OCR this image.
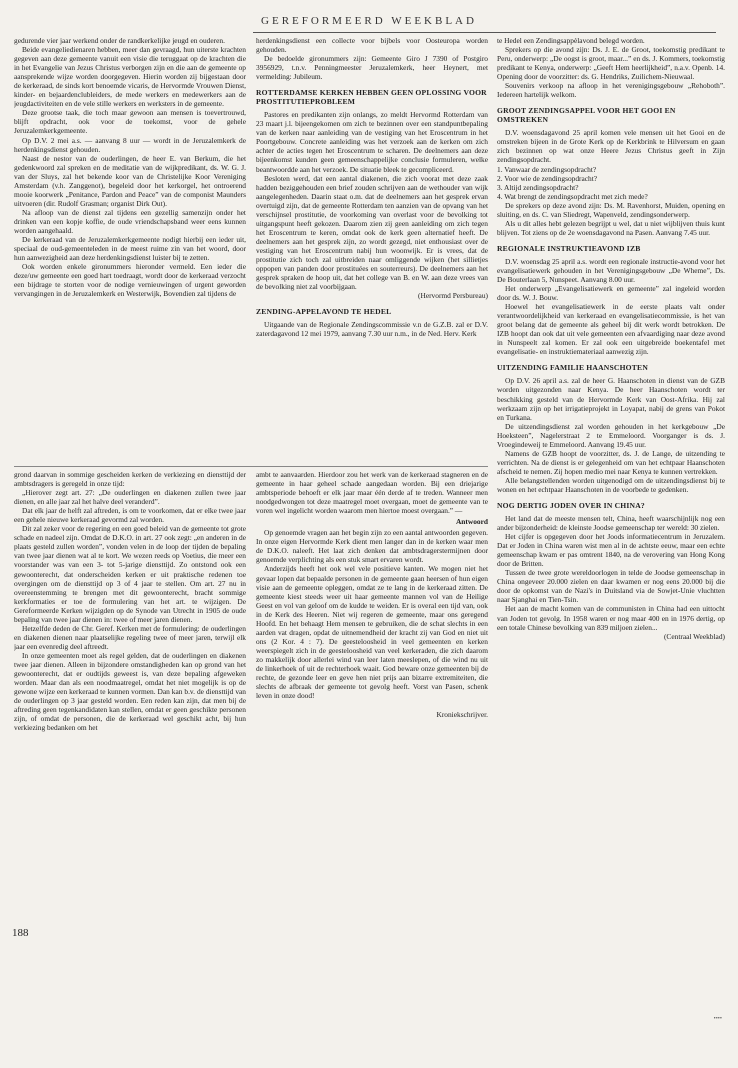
GEREFORMEERD WEEKBLAD

gedurende vier jaar werkend onder de randkerkelijke jeugd en ouderen.

Beide evangeliedienaren hebben, meer dan gevraagd, hun uiterste krachten gegeven aan deze gemeente vanuit een visie die teruggaat op de krachten die in het Evangelie van Jezus Christus verborgen zijn en die aan de gemeente op aansprekende wijze worden doorgegeven. Hierin worden zij bijgestaan door de kerkeraad, de sinds kort benoemde vicaris, de Hervormde Vrouwen Dienst, kinder- en bejaardenclubleiders, de mede werkers en medewerkers aan de jeugdactiviteiten en de vele stille werkers en werksters in de gemeente.

Deze grootse taak, die toch maar gewoon aan mensen is toevertrouwd, blijft opdracht, ook voor de toekomst, voor de gehele Jeruzalemkerkgemeente.

Op D.V. 2 mei a.s. — aanvang 8 uur — wordt in de Jeruzalemkerk de herdenkingsdienst gehouden.

Naast de nestor van de ouderlingen, de heer E. van Berkum, die het gedenkwoord zal spreken en de meditatie van de wijkpredikant, ds. W. G. J. van der Sluys, zal het bekende koor van de Christelijke Koor Vereniging Amsterdam (v.h. Zanggenot), begeleid door het kerkorgel, het ontroerend mooie koorwerk „Penitance, Pardon and Peace” van de componist Maunders uitvoeren (dir. Rudolf Grasman; organist Dirk Out).

Na afloop van de dienst zal tijdens een gezellig samenzijn onder het drinken van een kopje koffie, de oude vriendschapsband weer eens kunnen worden aangehaald.

De kerkeraad van de Jeruzalemkerkgemeente nodigt hierbij een ieder uit, speciaal de oud-gemeenteleden in de meest ruime zin van het woord, door hun aanwezigheid aan deze herdenkingsdienst luister bij te zetten.

Ook worden enkele gironummers hieronder vermeld. Een ieder die deze/uw gemeente een goed hart toedraagt, wordt door de kerkeraad verzocht een bijdrage te storten voor de nodige vernieuwingen of urgent geworden vervangingen in de Jeruzalemkerk en Westerwijk, Bovendien zal tijdens de

herdenkingsdienst een collecte voor bijbels voor Oosteuropa worden gehouden.

De bedoelde gironummers zijn: Gemeente Giro J 7390 of Postgiro 3956929, t.n.v. Penningmeester Jeruzalemkerk, heer Heynert, met vermelding: Jubileum.

ROTTERDAMSE KERKEN HEBBEN GEEN OPLOSSING VOOR PROSTITUTIEPROBLEEM

Pastores en predikanten zijn onlangs, zo meldt Hervormd Rotterdam van 23 maart j.l. bijeengekomen om zich te bezinnen over een standpuntbepaling van de kerken naar aanleiding van de vestiging van het Eroscentrum in het Poortgebouw. Concrete aanleiding was het verzoek aan de kerken om zich achter de acties tegen het Eroscentrum te scharen. De deelnemers aan deze bijeenkomst kunden geen gemeenschappelijke conclusie formuleren, welke beantwoordde aan het verzoek. De situatie bleek te gecompliceerd.

Besloten werd, dat een aantal diakenen, die zich voorat met deze zaak hadden beziggehouden een brief zouden schrijven aan de wethouder van wijk aangelegenheden. Daarin staat o.m. dat de deelnemers aan het gesprek ervan overtuigd zijn, dat de gemeente Rotterdam ten aanzien van de opvang van het verschijnsel prostitutie, de voorkoming van overlast voor de bevolking tot uitgangspunt heeft gekozen. Daarom zien zij geen aanleiding om zich tegen het Eroscentrum te keren, omdat ook de kerk geen alternatief heeft. De deelnemers aan het gesprek zijn, zo wordt gezegd, niet enthousiast over de vestiging van het Eroscentrum nabij hun woonwijk. Er is vrees, dat de prostitutie zich toch zal uitbreiden naar omliggende wijken (het sillietjes oppopen van panden door prostituées en souterreurs). De deelnemers aan het gesprek spraken de hoop uit, dat het college van B. en W. aan deze vrees van de bevolking niet zal voorbijgaan.

(Hervormd Persbureau)
ZENDING-APPELAVOND TE HEDEL

Uitgaande van de Regionale Zendingscommissie v.n de G.Z.B. zal er D.V. zaterdagavond 12 mei 1979, aanvang 7.30 uur n.m., in de Ned. Herv. Kerk

te Hedel een Zendingsappèlavond belegd worden.

Sprekers op die avond zijn: Ds. J. E. de Groot, toekomstig predikant te Peru, onderwerp: „De oogst is groot, maar...” en ds. J. Kommers, toekomstig predikant te Kenya, onderwerp: „Geeft Hem heerlijkheid”, n.a.v. Openb. 14. Opening door de voorzitter: ds. G. Hendriks, Zuilichem-Nieuwaal.

Souvenirs verkoop na afloop in het verenigingsgebouw „Rehoboth”. Iedereen hartelijk welkom.

GROOT ZENDINGSAPPEL VOOR HET GOOI EN OMSTREKEN

D.V. woensdagavond 25 april komen vele mensen uit het Gooi en de omstreken bijeen in de Grote Kerk op de Kerkbrink te Hilversum en gaan zich bezinnen op wat onze Heere Jezus Christus geeft in Zijn zendingsopdracht.

1. Vanwaar de zendingsopdracht?
2. Voor wie de zendingsopdracht?
3. Altijd zendingsopdracht?
4. Wat brengt de zendingsopdracht met zich mede?

De sprekers op deze avond zijn: Ds. M. Ravenhorst, Muiden, opening en sluiting, en ds. C. van Sliedregt, Wapenveld, zendingsonderwerp.

Als u dit alles hebt gelezen begrijpt u wel, dat u niet wijblijven thuis kunt blijven. Tot ziens op de 2e woensdagavond na Pasen. Aanvang 7.45 uur.

REGIONALE INSTRUKTIEAVOND IZB

D.V. woensdag 25 april a.s. wordt een regionale instructie-avond voor het evangelisatiewerk gehouden in het Verenigingsgebouw „De Wheme”, Ds. De Bouterlaan 5, Nunspeet. Aanvang 8.00 uur.

Het onderwerp „Evangelisatiewerk en gemeente” zal ingeleid worden door ds. W. J. Bouw.

Hoewel het evangelisatiewerk in de eerste plaats valt onder verantwoordelijkheid van kerkeraad en evangelisatiecommissie, is het van groot belang dat de gemeente als geheel bij dit werk wordt betrokken. De IZB hoopt dan ook dat uit vele gemeenten een afvaardiging naar deze avond in Nunspeelt zal komen. Er zal ook een uitgebreide boekentafel met evangelisatie- en instruktiemateriaal aanwezig zijn.

UITZENDING FAMILIE HAANSCHOTEN

Op D.V. 26 april a.s. zal de heer G. Haanschoten in dienst van de GZB worden uitgezonden naar Kenya. De heer Haanschoten wordt ter beschikking gesteld van de Hervormde Kerk van Oost-Afrika. Hij zal werkzaam zijn op het irrigatieprojekt in Loyapat, nabij de grens van Pokot en Turkana.

De uitzendingsdienst zal worden gehouden in het kerkgebouw „De Hoeksteen”, Nagelerstraat 2 te Emmeloord. Voorganger is ds. J. Vroegindeweij te Emmeloord. Aanvang 19.45 uur.

Namens de GZB hoopt de voorzitter, ds. J. de Lange, de uitzending te verrichten. Na de dienst is er gelegenheid om van het echtpaar Haanschoten afscheid te nemen. Zij hopen medio mei naar Kenya te kunnen vertrekken.

Alle belangstellenden worden uitgenodigd om de uitzendingsdienst bij te wonen en het echtpaar Haanschoten in de voorbede te gedenken.

NOG DERTIG JODEN OVER IN CHINA?

Het land dat de meeste mensen telt, China, heeft waarschijnlijk nog een ander bijzonderheid: de kleinste Joodse gemeenschap ter wereld: 30 zielen.

Het cijfer is opgegeven door het Joods informatiecentrum in Jeruzalem. Dat er Joden in China waren wist men al in de achtste eeuw, maar een echte gemeenschap kwam er pas omtrent 1840, na de verovering van Hong Kong door de Britten.

Tussen de twee grote wereldoorlogen in telde de Joodse gemeenschap in China ongeveer 20.000 zielen en daar kwamen er nog eens 20.000 bij die door de opkomst van de Nazi's in Duitsland via de Sowjet-Unie vluchtten naar Sjanghai en Tien-Tsin.

Het aan de macht komen van de communisten in China had een uittocht van Joden tot gevolg. In 1958 waren er nog maar 400 en in 1976 dertig, op een totale Chinese bevolking van 839 miljoen zielen...

(Centraal Weekblad)

grond daarvan in sommige gescheiden kerken de verkiezing en diensttijd der ambtsdragers is geregeld in onze tijd:

„Hierover zegt art. 27: „De ouderlingen en diakenen zullen twee jaar dienen, en alle jaar zal het halve deel veranderd”.

Dat elk jaar de helft zal aftreden, is om te voorkomen, dat er elke twee jaar een gehele nieuwe kerkeraad gevormd zal worden.

Dit zal zeker voor de regering en een goed beleid van de gemeente tot grote schade en nadeel zijn. Omdat de D.K.O. in art. 27 ook zegt: „en anderen in de plaats gesteld zullen worden”, vonden velen in de loop der tijden de bepaling van twee jaar dienen wat al te kort. We wezen reeds op Voetius, die meer een voorstander was van een 3- tot 5-jarige diensttijd. Zo ontstond ook een gewoonterecht, dat onderscheiden kerken er uit praktische redenen toe overgingen om de diensttijd op 3 of 4 jaar te stellen. Om art. 27 nu in overeenstemming te brengen met dit gewoonterecht, bracht sommige kerkformaties er toe de formulering van het art. te wijzigen. De Gereformeerde Kerken wijzigden op de Synode van Utrecht in 1905 de oude bepaling van twee jaar dienen in: twee of meer jaren dienen.

Hetzelfde deden de Chr. Geref. Kerken met de formulering: de ouderlingen en diakenen dienen naar plaatselijke regeling twee of meer jaren, terwijl elk jaar een evenredig deel aftreedt.

In onze gemeenten moet als regel gelden, dat de ouderlingen en diakenen twee jaar dienen. Alleen in bijzondere omstandigheden kan op grond van het gewoonterecht, dat er oudtijds geweest is, van deze bepaling afgeweken worden. Maar dan als een noodmaatregel, omdat het niet mogelijk is op de gewone wijze een kerkeraad te kunnen vormen. Dan kan b.v. de diensttijd van de ouderlingen op 3 jaar gesteld worden. Een reden kan zijn, dat men bij de aftreding geen tegenkandidaten kan stellen, omdat er geen geschikte personen zijn, of omdat de personen, die de kerkeraad wel geschikt acht, bij hun verkiezing bedanken om het

ambt te aanvaarden. Hierdoor zou het werk van de kerkeraad stagneren en de gemeente in haar geheel schade aangedaan worden. Bij een driejarige ambtsperiode behoeft er elk jaar maar één derde af te treden. Wanneer men noodgedwongen tot deze maatregel moet overgaan, moet de gemeente van te voren wel ingelicht worden waarom men hiertoe moest overgaan.” —

Antwoord

Op genoemde vragen aan het begin zijn zo een aantal antwoorden gegeven. In onze eigen Hervormde Kerk dient men langer dan in de kerken waar men de D.K.O. naleeft. Het laat zich denken dat ambtsdragerstermijnen door genoemde verplichting als een stuk smart ervaren wordt.

Anderzijds heeft het ook wel vele positieve kanten. We mogen niet het gevaar lopen dat bepaalde personen in de gemeente gaan heersen of hun eigen visie aan de gemeente opleggen, omdat ze te lang in de kerkeraad zitten. De gemeente kiest steeds weer uit haar gemeente mannen vol van de Heilige Geest en vol van geloof om de kudde te weiden. Er is overal een tijd van, ook in de Kerk des Heeren. Niet wij regeren de gemeente, maar ons geregend Hoofd. En het behaagt Hem mensen te gebruiken, die de schat slechts in een aarden vat dragen, opdat de uitnemendheid der kracht zij van God en niet uit ons (2 Kor. 4 : 7). De geesteloosheid in veel gemeenten en kerken weerspiegelt zich in de geesteloosheid van veel kerkeraden, die zich daarom zo makkelijk door allerlei wind van leer laten meeslepen, of die wind nu uit de linkerhoek of uit de rechterhoek waait. God beware onze gemeenten bij de rechte, de gezonde leer en geve hen niet prijs aan bizarre extremiteiten, die slechts de afbraak der gemeente tot gevolg heeft. Vorst van Pasen, schenk leven in onze dood!

Kroniekschrijver.
188
••••
